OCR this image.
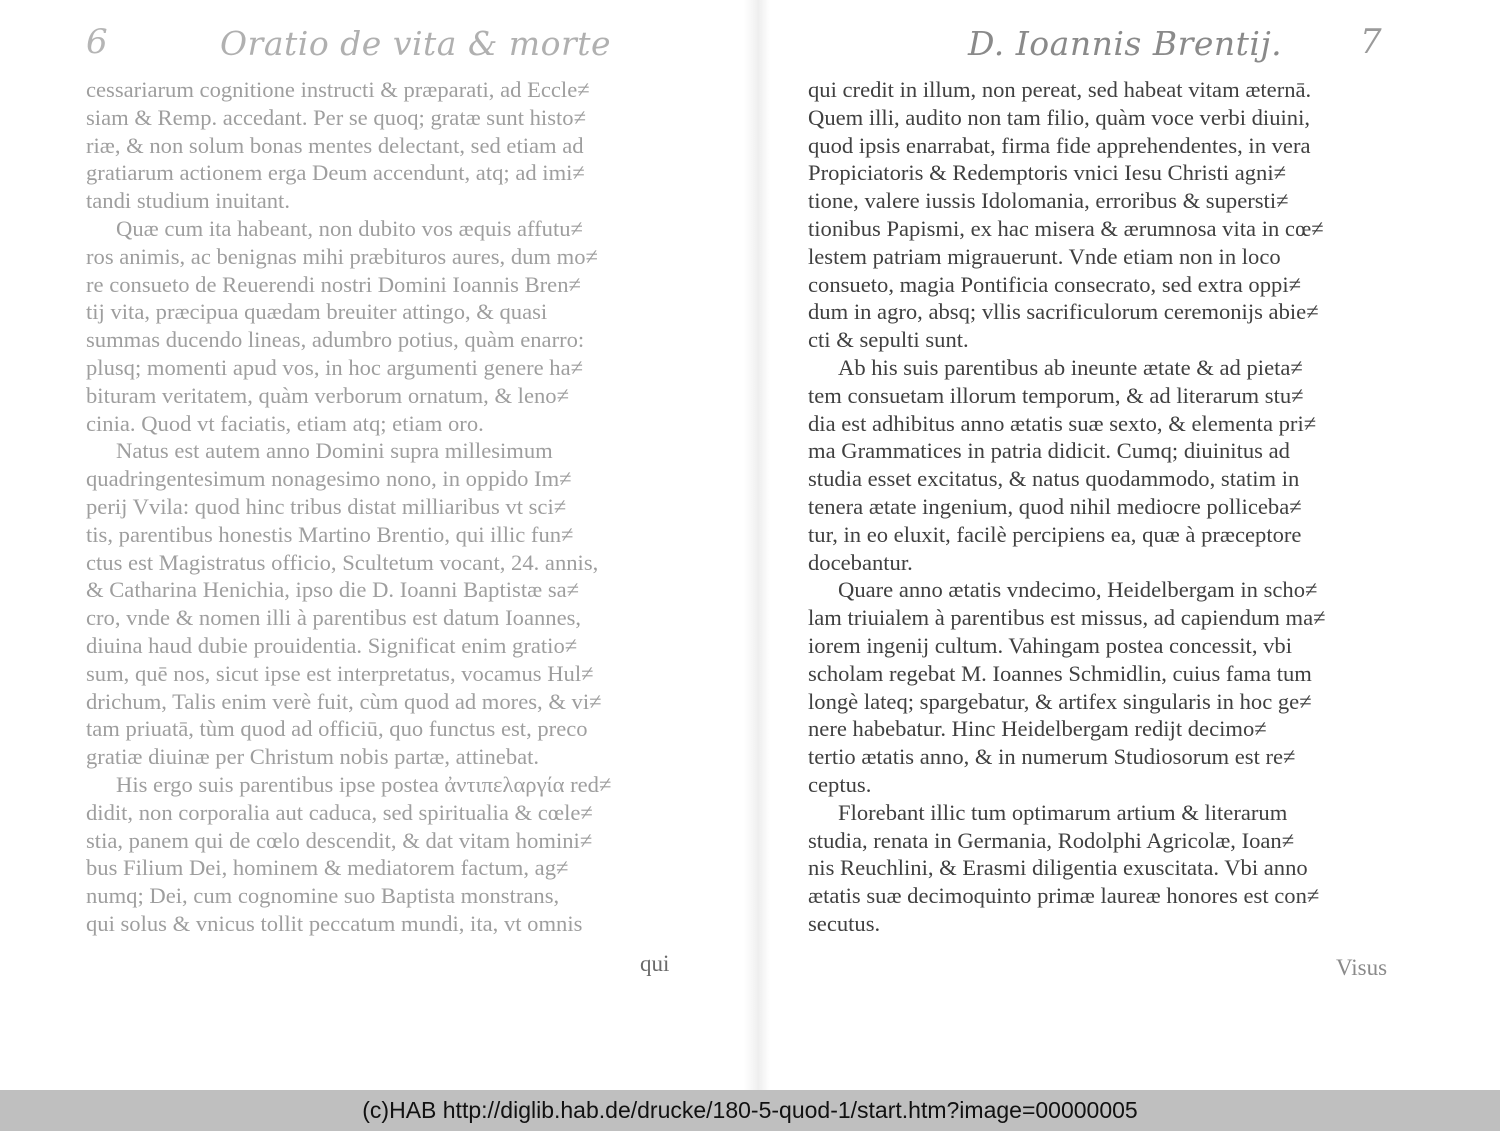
6	Oratio de vita & morte
cessariarum cognitione instructi & præparati, ad Eccle≠
siam & Remp. accedant. Per se quoq; gratæ sunt histo≠
riæ, & non solum bonas mentes delectant, sed etiam ad
gratiarum actionem erga Deum accendunt, atq; ad imi≠
tandi studium inuitant.
Quæ cum ita habeant, non dubito vos æquis affutu≠
ros animis, ac benignas mihi præbituros aures, dum mo≠
re consueto de Reuerendi nostri Domini Ioannis Bren≠
tij vita, præcipua quædam breuiter attingo, & quasi
summas ducendo lineas, adumbro potius, quàm enarro:
plusq; momenti apud vos, in hoc argumenti genere ha≠
bituram veritatem, quàm verborum ornatum, & leno≠
cinia. Quod vt faciatis, etiam atq; etiam oro.
Natus est autem anno Domini supra millesimum
quadringentesimum nonagesimo nono, in oppido Im≠
perij Vvila: quod hinc tribus distat milliaribus vt sci≠
tis, parentibus honestis Martino Brentio, qui illic fun≠
ctus est Magistratus officio, Scultetum vocant, 24. annis,
& Catharina Henichia, ipso die D. Ioanni Baptistæ sa≠
cro, vnde & nomen illi à parentibus est datum Ioannes,
diuina haud dubie prouidentia. Significat enim gratio≠
sum, quē nos, sicut ipse est interpretatus, vocamus Hul≠
drichum, Talis enim verè fuit, cùm quod ad mores, & vi≠
tam priuatā, tùm quod ad officiū, quo functus est, preco
gratiæ diuinæ per Christum nobis partæ, attinebat.
His ergo suis parentibus ipse postea ἀντιπελαργία red≠
didit, non corporalia aut caduca, sed spiritualia & cœle≠
stia, panem qui de cœlo descendit, & dat vitam homini≠
bus Filium Dei, hominem & mediatorem factum, ag≠
numq; Dei, cum cognomine suo Baptista monstrans,
qui solus & vnicus tollit peccatum mundi, ita, vt omnis
qui
D. Ioannis Brentij. 7
qui credit in illum, non pereat, sed habeat vitam æternā.
Quem illi, audito non tam filio, quàm voce verbi diuini,
quod ipsis enarrabat, firma fide apprehendentes, in vera
Propiciatoris & Redemptoris vnici Iesu Christi agni≠
tione, valere iussis Idolomania, erroribus & supersti≠
tionibus Papismi, ex hac misera & ærumnosa vita in cœ≠
lestem patriam migrauerunt. Vnde etiam non in loco
consueto, magia Pontificia consecrato, sed extra oppi≠
dum in agro, absq; vllis sacrificulorum ceremonijs abie≠
cti & sepulti sunt.
Ab his suis parentibus ab ineunte ætate & ad pieta≠
tem consuetam illorum temporum, & ad literarum stu≠
dia est adhibitus anno ætatis suæ sexto, & elementa pri≠
ma Grammatices in patria didicit. Cumq; diuinitus ad
studia esset excitatus, & natus quodammodo, statim in
tenera ætate ingenium, quod nihil mediocre polliceba≠
tur, in eo eluxit, facilè percipiens ea, quæ à præceptore
docebantur.
Quare anno ætatis vndecimo, Heidelbergam in scho≠
lam triuialem à parentibus est missus, ad capiendum ma≠
iorem ingenij cultum. Vahingam postea concessit, vbi
scholam regebat M. Ioannes Schmidlin, cuius fama tum
longè lateq; spargebatur, & artifex singularis in hoc ge≠
nere habebatur. Hinc Heidelbergam redijt decimo≠
tertio ætatis anno, & in numerum Studiosorum est re≠
ceptus.
Florebant illic tum optimarum artium & literarum
studia, renata in Germania, Rodolphi Agricolæ, Ioan≠
nis Reuchlini, & Erasmi diligentia exuscitata. Vbi anno
ætatis suæ decimoquinto primæ laureæ honores est con≠
secutus.
Visus
(c)HAB http://diglib.hab.de/drucke/180-5-quod-1/start.htm?image=00000005
